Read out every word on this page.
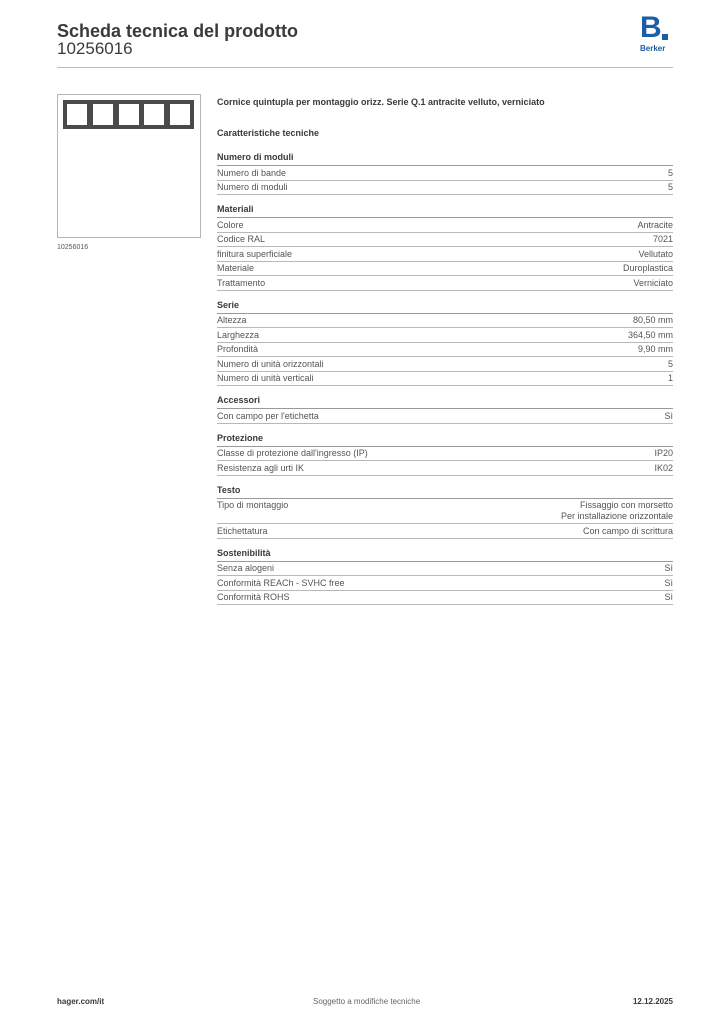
Scheda tecnica del prodotto
10256016
B
Berker
10256016
Cornice quintupla per montaggio orizz. Serie Q.1 antracite velluto, verniciato
Caratteristiche tecniche
Numero di moduli
Numero di bande	5
Numero di moduli	5
Materiali
Colore	Antracite
Codice RAL	7021
finitura superficiale	Vellutato
Materiale	Duroplastica
Trattamento	Verniciato
Serie
Altezza	80,50 mm
Larghezza	364,50 mm
Profondità	9,90 mm
Numero di unità orizzontali	5
Numero di unità verticali	1
Accessori
Con campo per l'etichetta	Sì
Protezione
Classe di protezione dall'ingresso (IP)	IP20
Resistenza agli urti IK	IK02
Testo
Tipo di montaggio	Fissaggio con morsetto
Per installazione orizzontale
Etichettatura	Con campo di scrittura
Sostenibilità
Senza alogeni	Sì
Conformità REACh - SVHC free	Sì
Conformità ROHS	Sì
hager.com/it	Soggetto a modifiche tecniche	12.12.2025
